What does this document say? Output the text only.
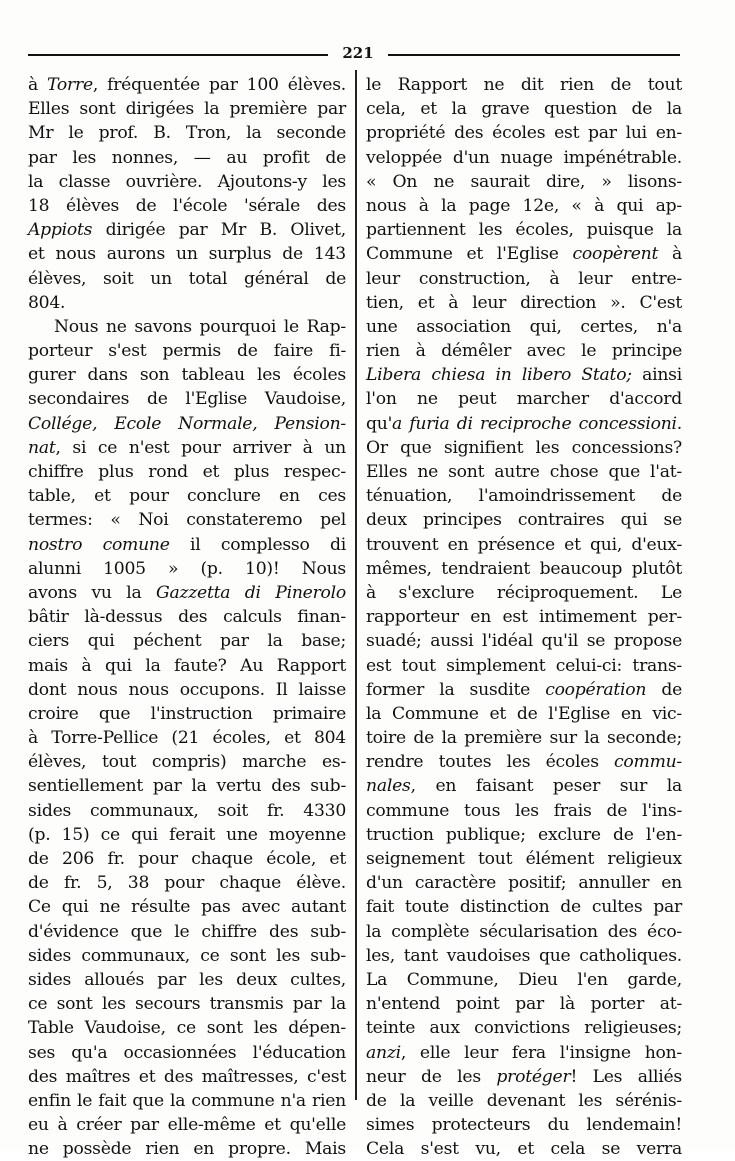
221
à Torre, fréquentée par 100 élèves.
Elles sont dirigées la première par
Mr le prof. B. Tron, la seconde
par les nonnes, — au profit de
la classe ouvrière. Ajoutons-y les
18 élèves de l'école 'sérale des
Appiots dirigée par Mr B. Olivet,
et nous aurons un surplus de 143
élèves, soit un total général de
804.
Nous ne savons pourquoi le Rap-
porteur s'est permis de faire fi-
gurer dans son tableau les écoles
secondaires de l'Eglise Vaudoise,
Collége, Ecole Normale, Pension-
nat, si ce n'est pour arriver à un
chiffre plus rond et plus respec-
table, et pour conclure en ces
termes: « Noi constateremo pel
nostro comune il complesso di
alunni 1005 » (p. 10)! Nous
avons vu la Gazzetta di Pinerolo
bâtir là-dessus des calculs finan-
ciers qui péchent par la base;
mais à qui la faute? Au Rapport
dont nous nous occupons. Il laisse
croire que l'instruction primaire
à Torre-Pellice (21 écoles, et 804
élèves, tout compris) marche es-
sentiellement par la vertu des sub-
sides communaux, soit fr. 4330
(p. 15) ce qui ferait une moyenne
de 206 fr. pour chaque école, et
de fr. 5, 38 pour chaque élève.
Ce qui ne résulte pas avec autant
d'évidence que le chiffre des sub-
sides communaux, ce sont les sub-
sides alloués par les deux cultes,
ce sont les secours transmis par la
Table Vaudoise, ce sont les dépen-
ses qu'a occasionnées l'éducation
des maîtres et des maîtresses, c'est
enfin le fait que la commune n'a rien
eu à créer par elle-même et qu'elle
ne possède rien en propre. Mais
le Rapport ne dit rien de tout
cela, et la grave question de la
propriété des écoles est par lui en-
veloppée d'un nuage impénétrable.
« On ne saurait dire, » lisons-
nous à la page 12e, « à qui ap-
partiennent les écoles, puisque la
Commune et l'Eglise coopèrent à
leur construction, à leur entre-
tien, et à leur direction ». C'est
une association qui, certes, n'a
rien à démêler avec le principe
Libera chiesa in libero Stato; ainsi
l'on ne peut marcher d'accord
qu'a furia di reciproche concessioni.
Or que signifient les concessions?
Elles ne sont autre chose que l'at-
ténuation, l'amoindrissement de
deux principes contraires qui se
trouvent en présence et qui, d'eux-
mêmes, tendraient beaucoup plutôt
à s'exclure réciproquement. Le
rapporteur en est intimement per-
suadé; aussi l'idéal qu'il se propose
est tout simplement celui-ci: trans-
former la susdite coopération de
la Commune et de l'Eglise en vic-
toire de la première sur la seconde;
rendre toutes les écoles commu-
nales, en faisant peser sur la
commune tous les frais de l'ins-
truction publique; exclure de l'en-
seignement tout élément religieux
d'un caractère positif; annuller en
fait toute distinction de cultes par
la complète sécularisation des éco-
les, tant vaudoises que catholiques.
La Commune, Dieu l'en garde,
n'entend point par là porter at-
teinte aux convictions religieuses;
anzi, elle leur fera l'insigne hon-
neur de les protéger! Les alliés
de la veille devenant les sérénis-
simes protecteurs du lendemain!
Cela s'est vu, et cela se verra
